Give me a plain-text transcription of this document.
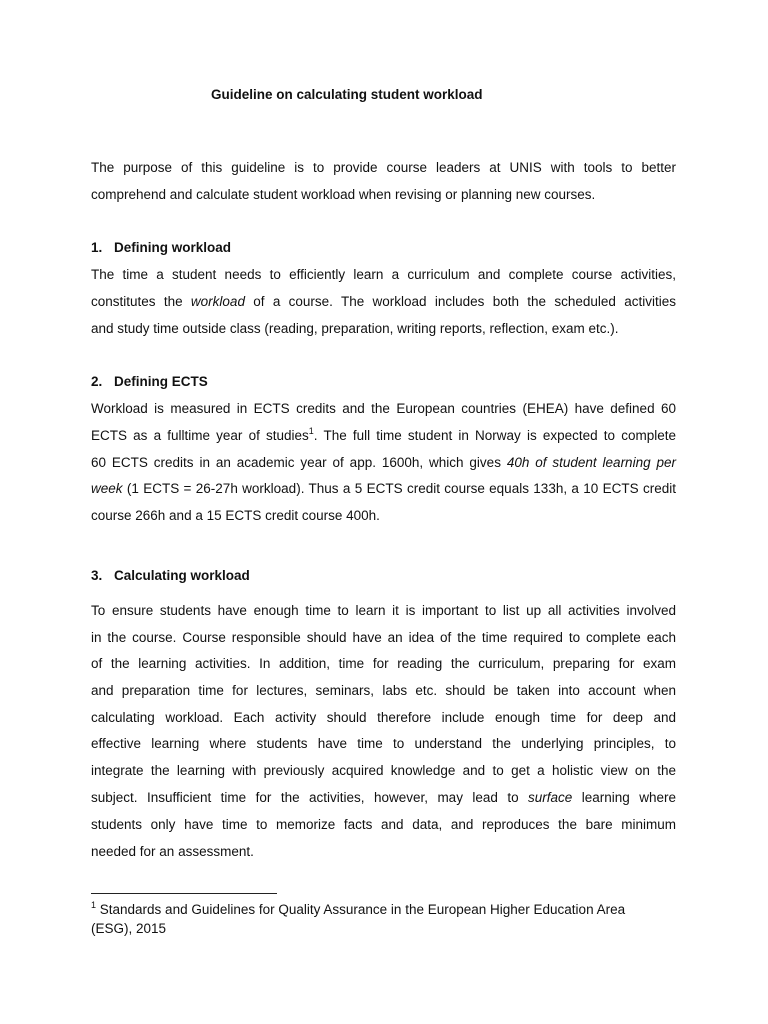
Guideline on calculating student workload
The purpose of this guideline is to provide course leaders at UNIS with tools to better
comprehend and calculate student workload when revising or planning new courses.
1. Defining workload
The time a student needs to efficiently learn a curriculum and complete course activities,
constitutes the workload of a course. The workload includes both the scheduled activities
and study time outside class (reading, preparation, writing reports, reflection, exam etc.).
2. Defining ECTS
Workload is measured in ECTS credits and the European countries (EHEA) have defined 60
ECTS as a fulltime year of studies$^1$. The full time student in Norway is expected to complete
60 ECTS credits in an academic year of app. 1600h, which gives 40h of student learning per
week (1 ECTS = 26-27h workload). Thus a 5 ECTS credit course equals 133h, a 10 ECTS credit
course 266h and a 15 ECTS credit course 400h.
3. Calculating workload
To ensure students have enough time to learn it is important to list up all activities involved
in the course. Course responsible should have an idea of the time required to complete each
of the learning activities. In addition, time for reading the curriculum, preparing for exam
and preparation time for lectures, seminars, labs etc. should be taken into account when
calculating workload. Each activity should therefore include enough time for deep and
effective learning where students have time to understand the underlying principles, to
integrate the learning with previously acquired knowledge and to get a holistic view on the
subject. Insufficient time for the activities, however, may lead to surface learning where
students only have time to memorize facts and data, and reproduces the bare minimum
needed for an assessment.
$^1$ Standards and Guidelines for Quality Assurance in the European Higher Education Area
(ESG), 2015
